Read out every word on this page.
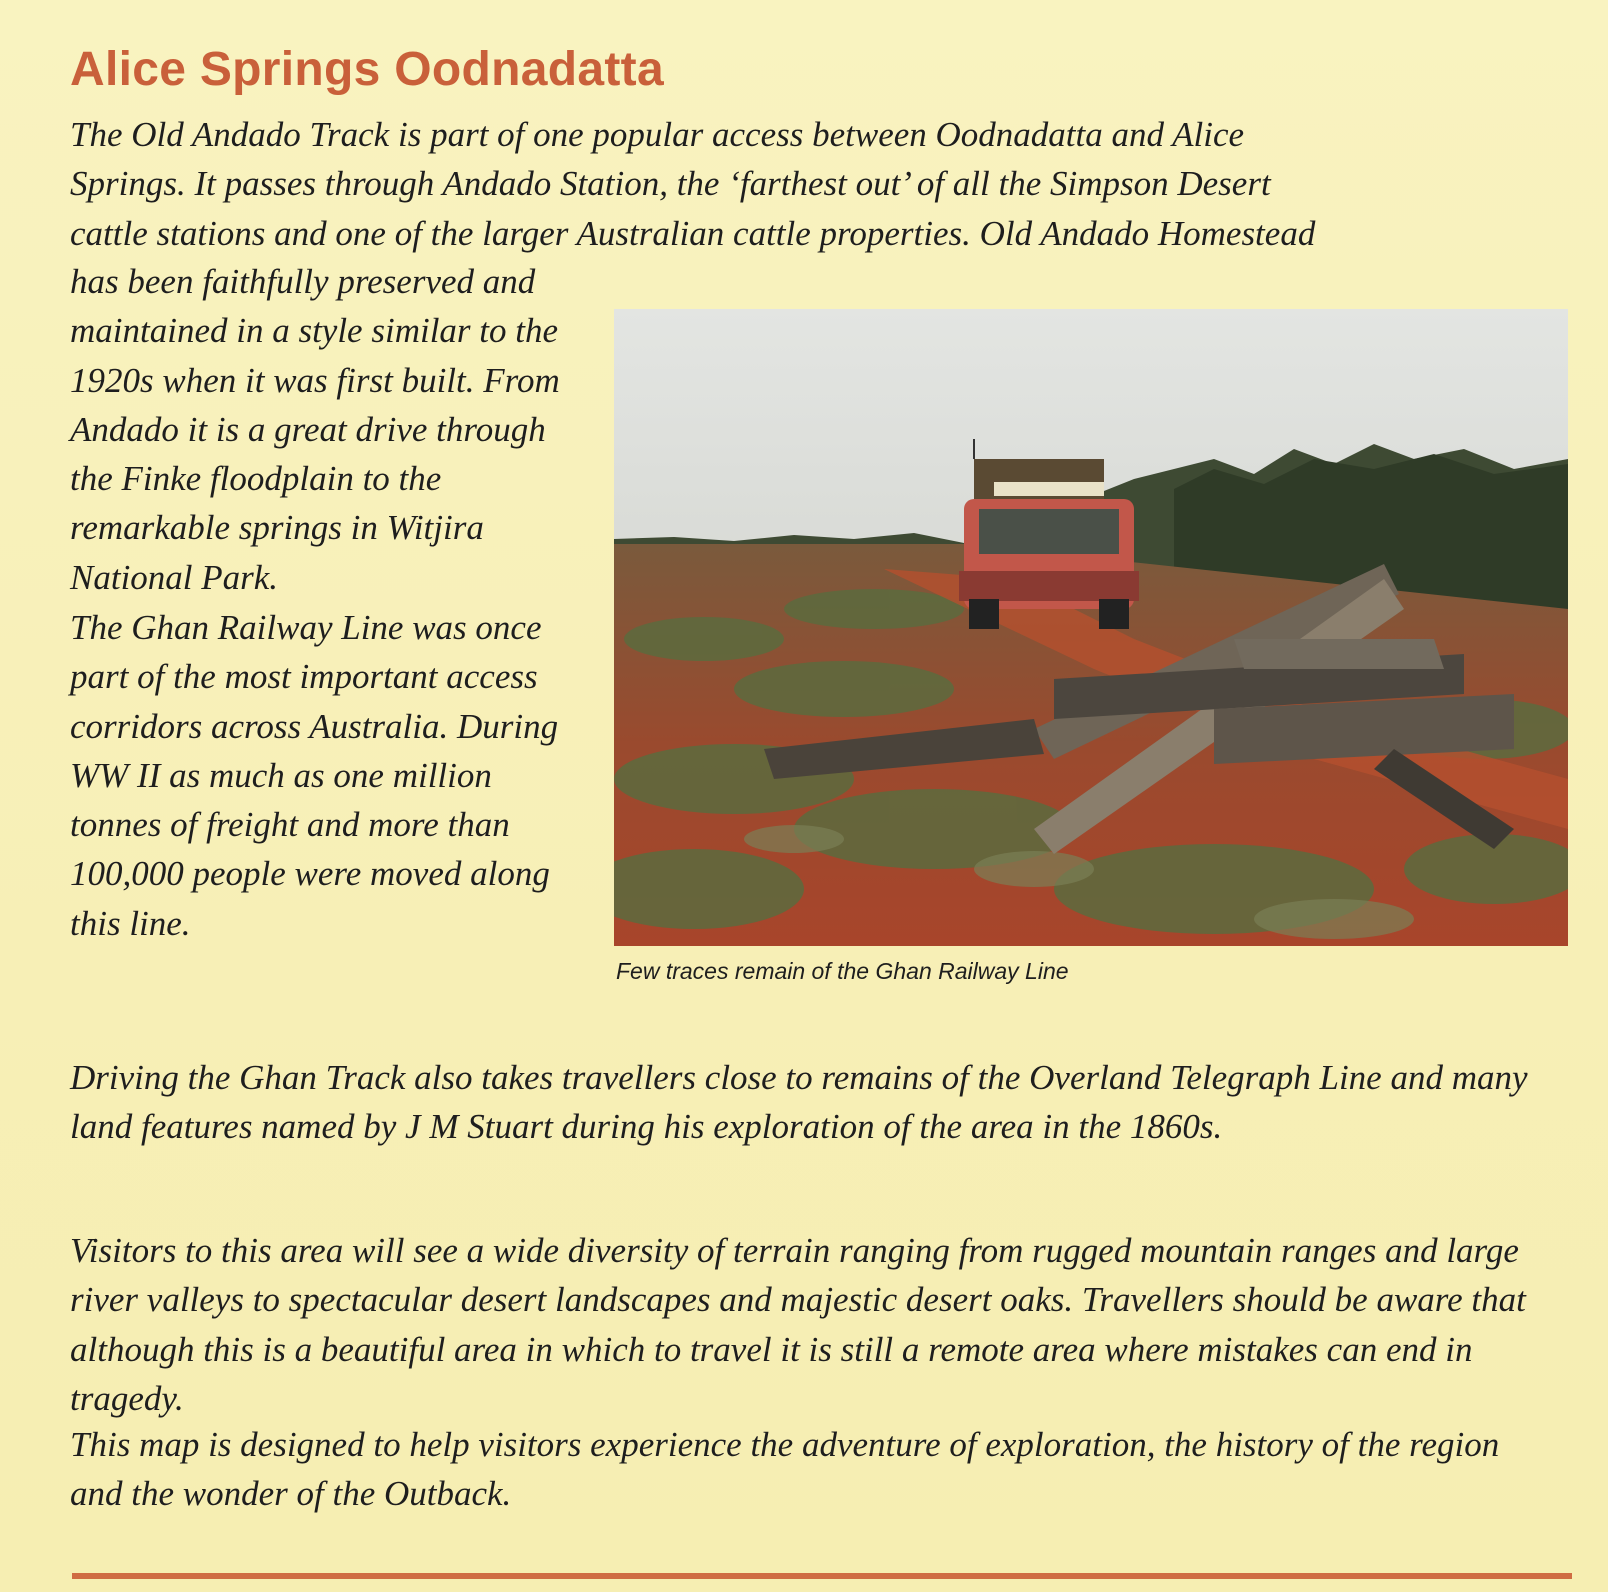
Alice Springs Oodnadatta
The Old Andado Track is part of one popular access between Oodnadatta and Alice
Springs. It passes through Andado Station, the ‘farthest out’ of all the Simpson Desert
cattle stations and one of the larger Australian cattle properties. Old Andado Homestead

has been faithfully preserved and maintained in a style similar to the 1920s when it was first built. From Andado it is a great drive through the Finke floodplain to the remarkable springs in Witjira National Park.

The Ghan Railway Line was once part of the most important access corridors across Australia. During WW II as much as one million tonnes of freight and more than 100,000 people were moved along this line.

Few traces remain of the Ghan Railway Line

Driving the Ghan Track also takes travellers close to remains of the Overland Telegraph Line and many land features named by J M Stuart during his exploration of the area in the 1860s.

Visitors to this area will see a wide diversity of terrain ranging from rugged mountain ranges and large river valleys to spectacular desert landscapes and majestic desert oaks. Travellers should be aware that although this is a beautiful area in which to travel it is still a remote area where mistakes can end in tragedy.

This map is designed to help visitors experience the adventure of exploration, the history of the region and the wonder of the Outback.
